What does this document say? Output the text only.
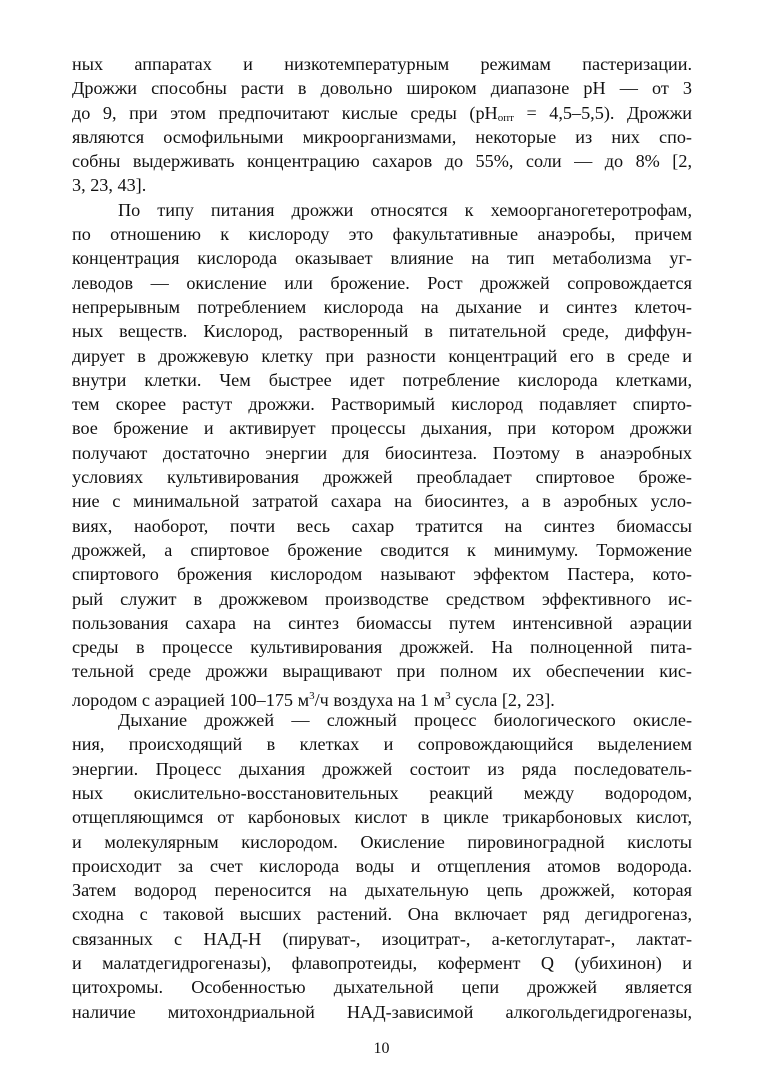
ных аппаратах и низкотемпературным режимам пастеризации.
Дрожжи способны расти в довольно широком диапазоне pH — от 3
до 9, при этом предпочитают кислые среды (pHопт = 4,5–5,5). Дрожжи
являются осмофильными микроорганизмами, некоторые из них спо-
собны выдерживать концентрацию сахаров до 55%, соли — до 8% [2,
3, 23, 43].
По типу питания дрожжи относятся к хемоорганогетеротрофам,
по отношению к кислороду это факультативные анаэробы, причем
концентрация кислорода оказывает влияние на тип метаболизма уг-
леводов — окисление или брожение. Рост дрожжей сопровождается
непрерывным потреблением кислорода на дыхание и синтез клеточ-
ных веществ. Кислород, растворенный в питательной среде, диффун-
дирует в дрожжевую клетку при разности концентраций его в среде и
внутри клетки. Чем быстрее идет потребление кислорода клетками,
тем скорее растут дрожжи. Растворимый кислород подавляет спирто-
вое брожение и активирует процессы дыхания, при котором дрожжи
получают достаточно энергии для биосинтеза. Поэтому в анаэробных
условиях культивирования дрожжей преобладает спиртовое броже-
ние с минимальной затратой сахара на биосинтез, а в аэробных усло-
виях, наоборот, почти весь сахар тратится на синтез биомассы
дрожжей, а спиртовое брожение сводится к минимуму. Торможение
спиртового брожения кислородом называют эффектом Пастера, кото-
рый служит в дрожжевом производстве средством эффективного ис-
пользования сахара на синтез биомассы путем интенсивной аэрации
среды в процессе культивирования дрожжей. На полноценной пита-
тельной среде дрожжи выращивают при полном их обеспечении кис-
лородом с аэрацией 100–175 $м^3/ч$ воздуха на 1 $м^3$ сусла [2, 23].
Дыхание дрожжей — сложный процесс биологического окисле-
ния, происходящий в клетках и сопровождающийся выделением
энергии. Процесс дыхания дрожжей состоит из ряда последователь-
ных окислительно-восстановительных реакций между водородом,
отщепляющимся от карбоновых кислот в цикле трикарбоновых кислот,
и молекулярным кислородом. Окисление пировиноградной кислоты
происходит за счет кислорода воды и отщепления атомов водорода.
Затем водород переносится на дыхательную цепь дрожжей, которая
сходна с таковой высших растений. Она включает ряд дегидрогеназ,
связанных с НАД-Н (пируват-, изоцитрат-, а-кетоглутарат-, лактат-
и малатдегидрогеназы), флавопротеиды, кофермент Q (убихинон) и
цитохромы. Особенностью дыхательной цепи дрожжей является
наличие митохондриальной НАД-зависимой алкогольдегидрогеназы,
10
